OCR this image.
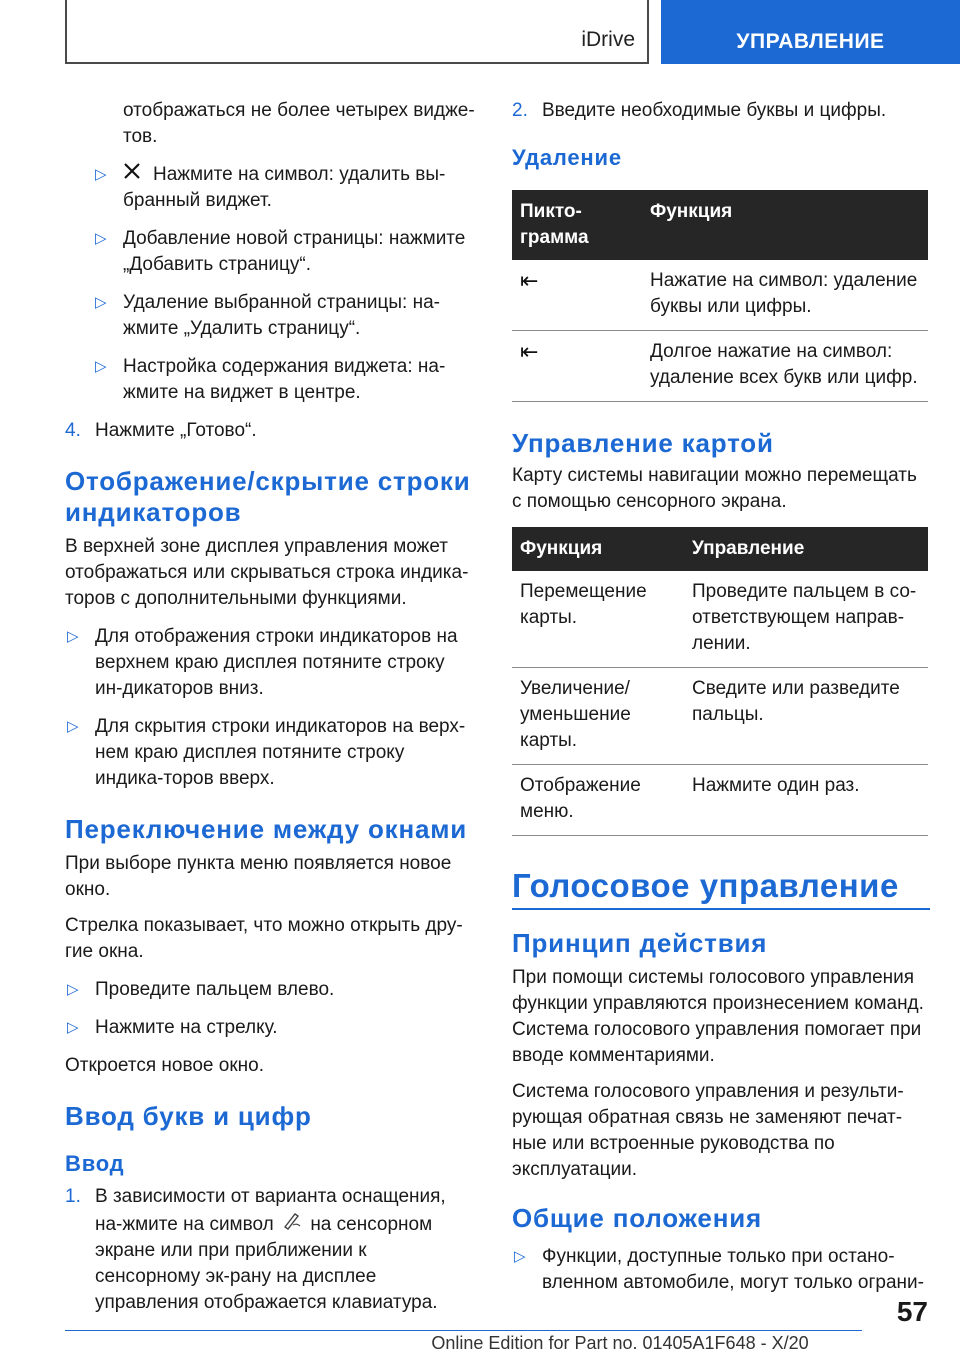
iDrive	УПРАВЛЕНИЕ
отображаться не более четырех видже‐тов.
▷ Нажмите на символ: удалить вы‐бранный виджет.
▷ Добавление новой страницы: нажмите „Добавить страницу“.
▷ Удаление выбранной страницы: на‐жмите „Удалить страницу“.
▷ Настройка содержания виджета: на‐жмите на виджет в центре.
4. Нажмите „Готово“.
Отображение/скрытие строки индикаторов

В верхней зоне дисплея управления может отображаться или скрываться строка индика‐торов с дополнительными функциями.

▷ Для отображения строки индикаторов на верхнем краю дисплея потяните строку ин‐дикаторов вниз.
▷ Для скрытия строки индикаторов на верх‐нем краю дисплея потяните строку индика‐торов вверх.
Переключение между окнами

При выборе пункта меню появляется новое окно.

Стрелка показывает, что можно открыть дру‐гие окна.

▷ Проведите пальцем влево.
▷ Нажмите на стрелку.

Откроется новое окно.

Ввод букв и цифр
Ввод
1. В зависимости от варианта оснащения, на‐жмите на символ на сенсорном экране или при приближении к сенсорному эк‐рану на дисплее управления отображается клавиатура.
2. Введите необходимые буквы и цифры.
Удаление
Пикто‐грамма	Функция
⇤	Нажатие на символ: удаление буквы или цифры.
⇤	Долгое нажатие на символ: удаление всех букв или цифр.
Управление картой

Карту системы навигации можно перемещать с помощью сенсорного экрана.

Функция	Управление
Перемещение карты.	Проведите пальцем в со‐ответствующем направ‐лении.
Увеличение/ уменьшение карты.	Сведите или разведите пальцы.
Отображение меню.	Нажмите один раз.
Голосовое управление
Принцип действия

При помощи системы голосового управления функции управляются произнесением команд. Система голосового управления помогает при вводе комментариями.

Система голосового управления и результи‐рующая обратная связь не заменяют печат‐ные или встроенные руководства по эксплуатации.

Общие положения
▷ Функции, доступные только при остано‐вленном автомобиле, могут только ограни‐
57
Online Edition for Part no. 01405A1F648 - X/20
